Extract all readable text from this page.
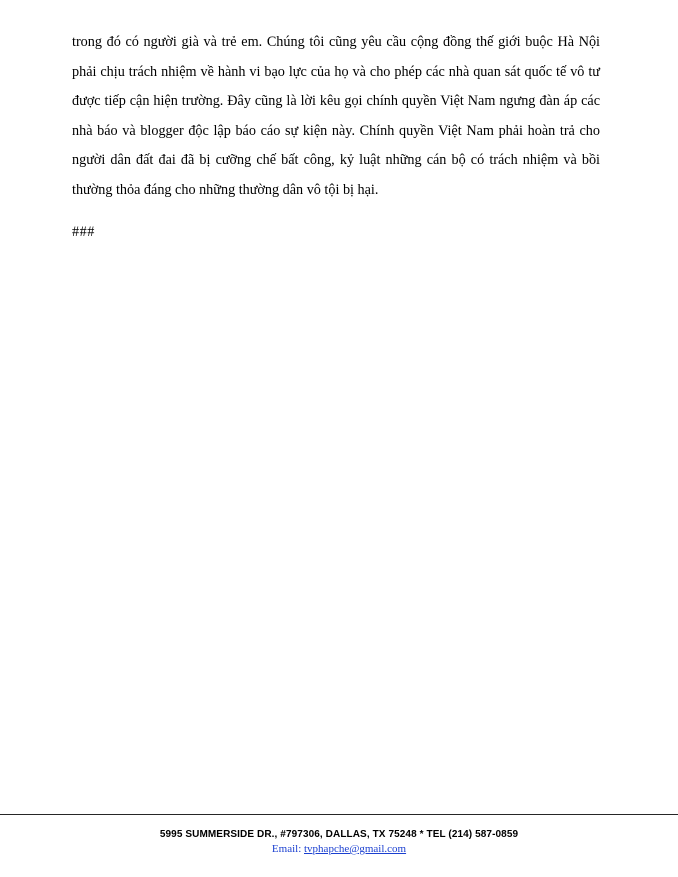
trong đó có người già và trẻ em. Chúng tôi cũng yêu cầu cộng đồng thế giới buộc Hà Nội phải chịu trách nhiệm về hành vi bạo lực của họ và cho phép các nhà quan sát quốc tế vô tư được tiếp cận hiện trường. Đây cũng là lời kêu gọi chính quyền Việt Nam ngưng đàn áp các nhà báo và blogger độc lập báo cáo sự kiện này. Chính quyền Việt Nam phải hoàn trả cho người dân đất đai đã bị cưỡng chế bất công, kỷ luật những cán bộ có trách nhiệm và bồi thường thỏa đáng cho những thường dân vô tội bị hại.

###

5995 SUMMERSIDE DR., #797306, DALLAS, TX 75248 * TEL (214) 587-0859

Email: tvphapche@gmail.com
